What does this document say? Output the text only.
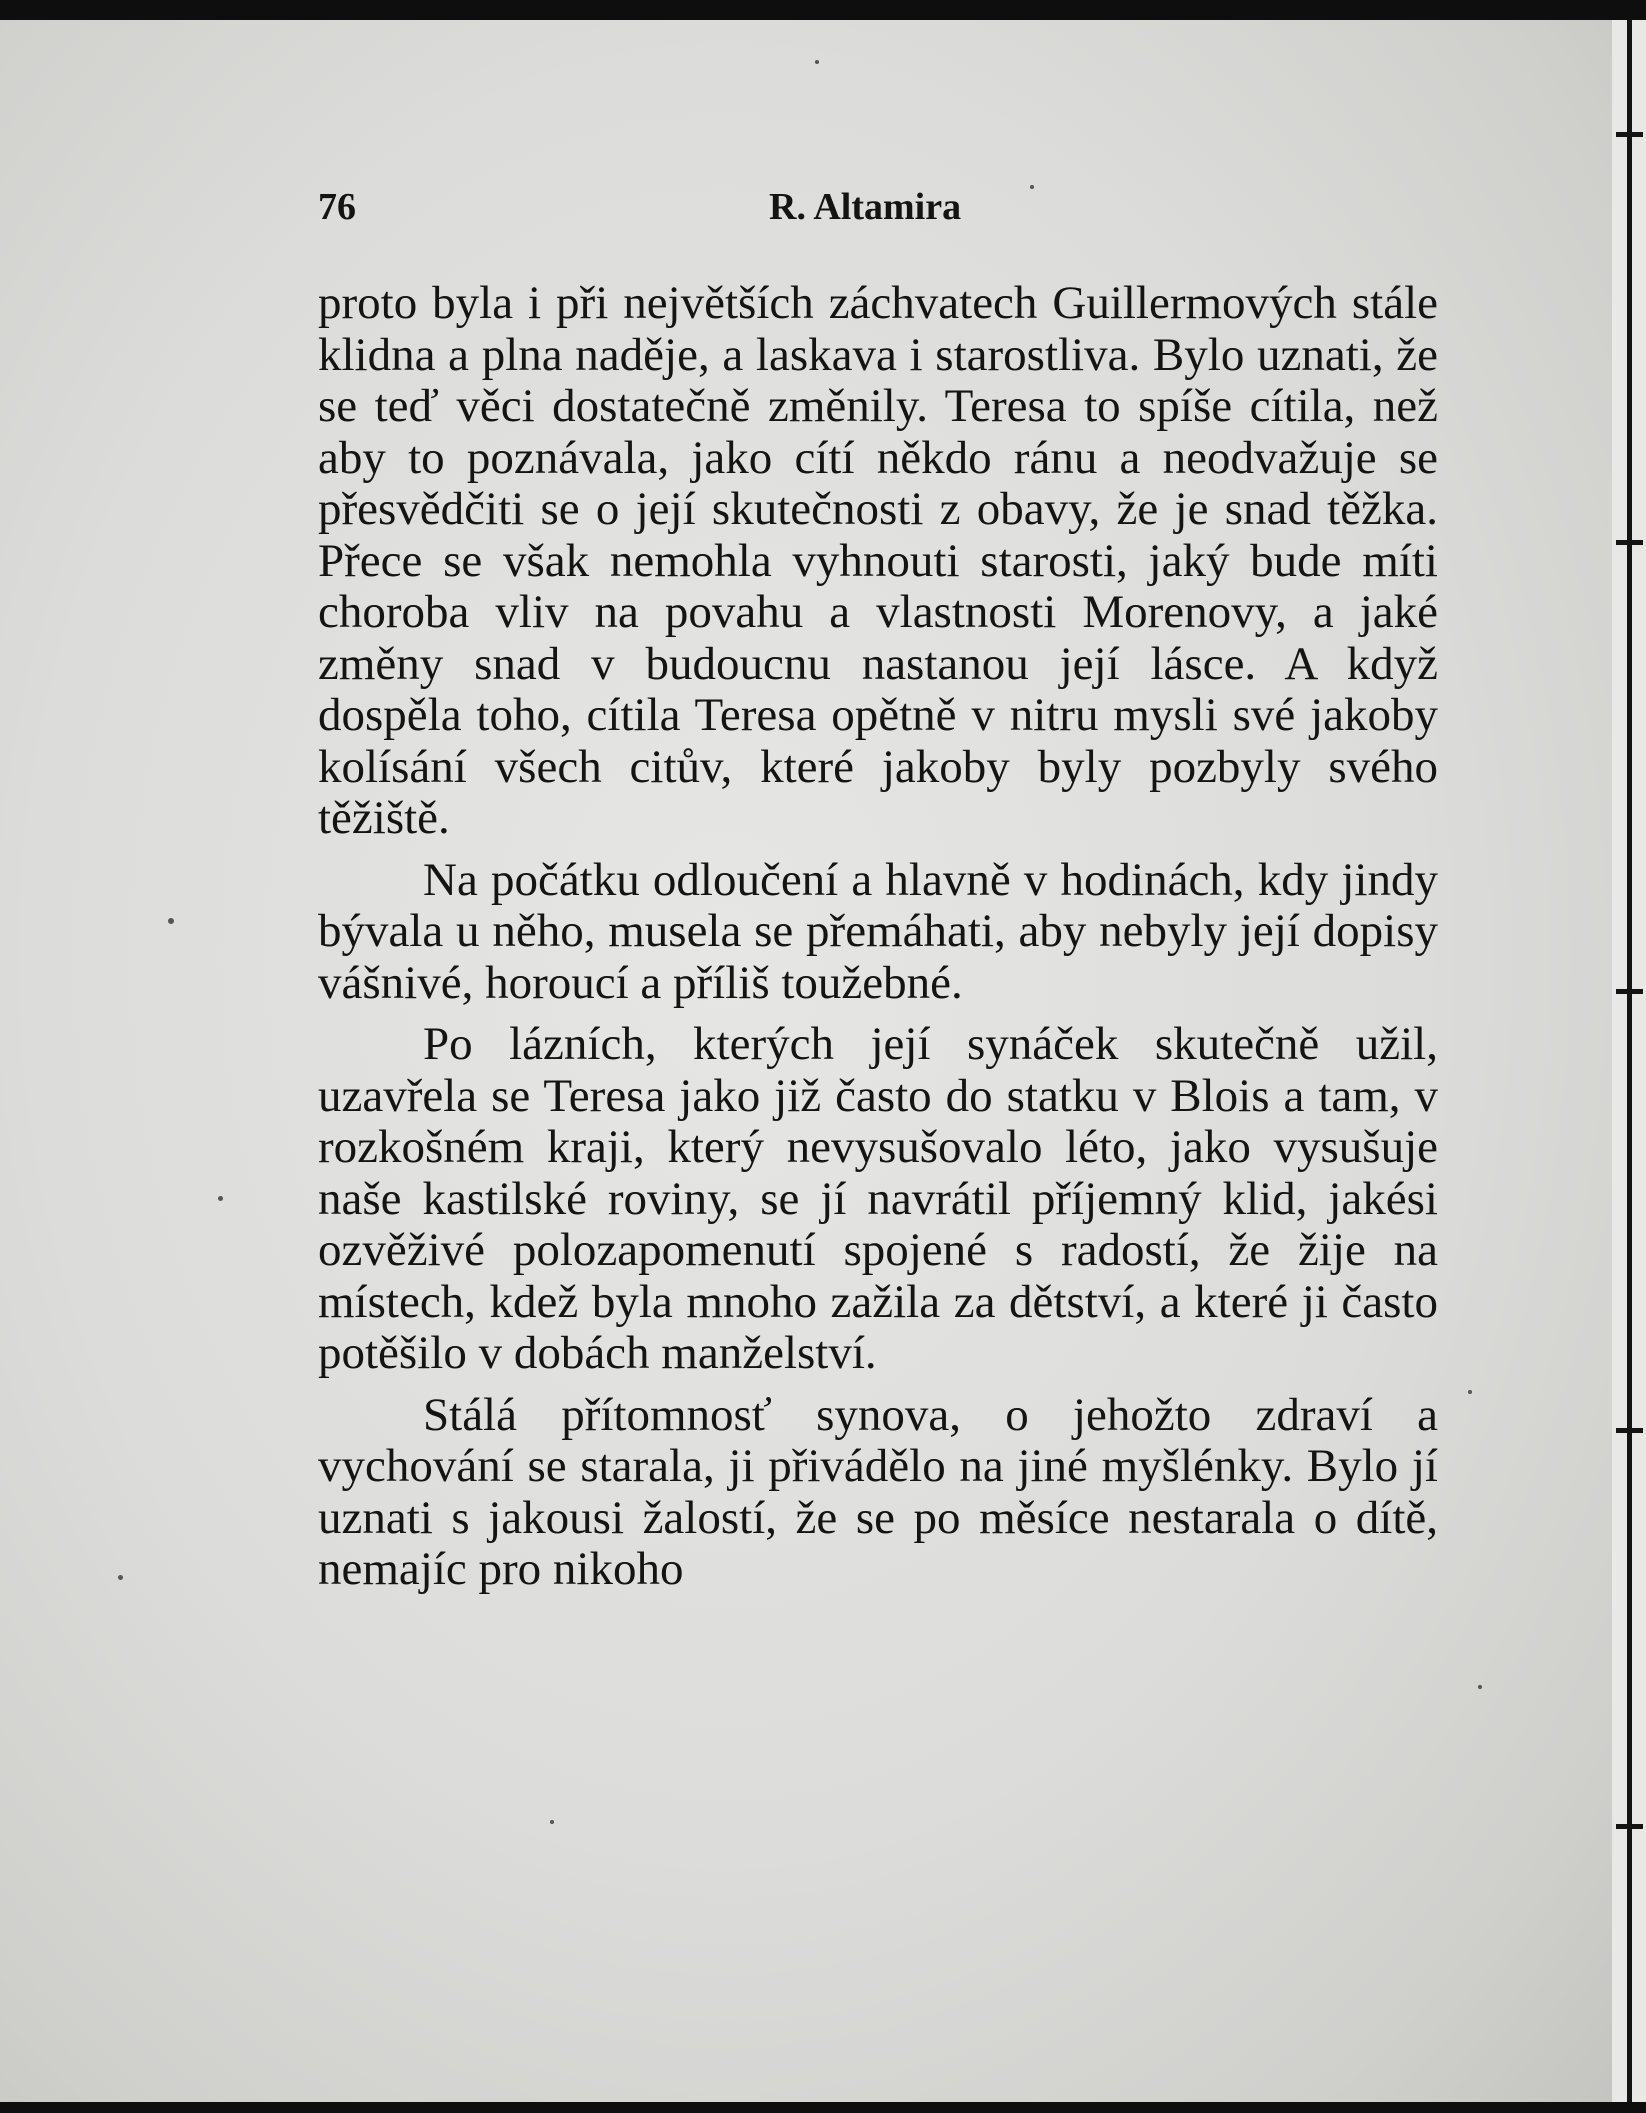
76	R. Altamira

proto byla i při největších záchvatech Guillermových stále klidna a plna naděje, a laskava i starostliva. Bylo uznati, že se teď věci dostatečně změnily. Teresa to spíše cítila, než aby to poznávala, jako cítí někdo ránu a neodvažuje se přesvědčiti se o její skutečnosti z obavy, že je snad těžka. Přece se však nemohla vyhnouti starosti, jaký bude míti choroba vliv na povahu a vlastnosti Morenovy, a jaké změny snad v budoucnu nastanou její lásce. A když dospěla toho, cítila Teresa opětně v nitru mysli své jakoby kolísání všech citův, které jakoby byly pozbyly svého těžiště.

Na počátku odloučení a hlavně v hodinách, kdy jindy bývala u něho, musela se přemáhati, aby nebyly její dopisy vášnivé, horoucí a příliš toužebné.

Po lázních, kterých její synáček skutečně užil, uzavřela se Teresa jako již často do statku v Blois a tam, v rozkošném kraji, který nevysušovalo léto, jako vysušuje naše kastilské roviny, se jí navrátil příjemný klid, jakési ozvěživé polozapomenutí spojené s radostí, že žije na místech, kdež byla mnoho zažila za dětství, a které ji často potěšilo v dobách manželství.

Stálá přítomnosť synova, o jehožto zdraví a vychování se starala, ji přivádělo na jiné myšlénky. Bylo jí uznati s jakousi žalostí, že se po měsíce nestarala o dítě, nemajíc pro nikoho
